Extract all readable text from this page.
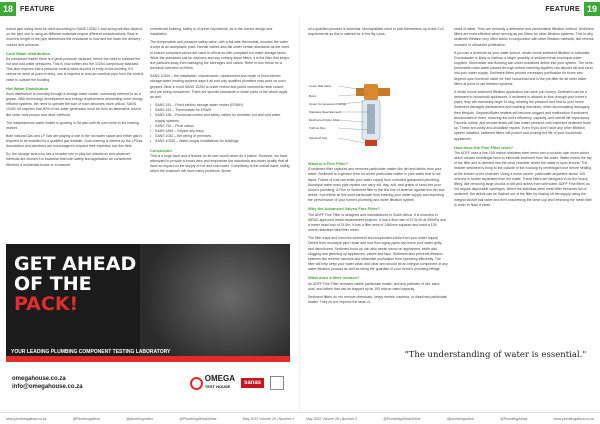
18	FEATURE	FEATURE 19

Actual pipe sizing must be done according to SANS 10252-1 and sizing will also depend on the pipe one is using as different materials require different considerations. Bear in mind the length of the pipe determines the resistance to flow and the lower the delivery volume and pressure.

Cold Water distribution

As mentioned earlier there is a great pressure variance, hence the need to balance the hot and cold water pressures. This is now written into the 10254 compulsory standard. This also requires that a pressure control valve at point of entry to the building. If it cannot be done at point of entry, one is required to lead an overflow pipe from the control valve to outside the building.

Hot Water Distribution

Such distribution is normally through a storage water heater, commonly referred to as a geyser. With technology development and energy requirements demanding more energy efficient systems, the need to operate the size of each becomes more critical. SANS 10400 XA requires that 50% of hot water generation must be from an alternative source like solar, heat pumps and other methods.

The instantaneous water heater is growing in SA also with its own niche in the heating market.

Both Natural Gas and LP Gas are playing a role in the hot water space and either gas is required to be installed by a qualified gas installer. Such training is offered by the LPGas Association and plumbers are encouraged to expand their expertise into this field.

So, the storage tank now has a broader role to play but whichever and whatever methods are chosen it is essential that both safety and application be considered. Whether a residential house or a massive

commercial building, safety is of prime importance, as is the correct design and installation.

The temperature and pressure safety valve, with a fail safe thermostat, ensures the water is kept at an acceptable point. Needle valves also fall under certain standards as the need to ensure compliant valves are used is critical as with compliant hot water storage tanks. While the standards call for strainers and say nothing about filters, it is the filter that keeps line particles away from damaging the cartridges and valves. Refer to box below for a technical overview on filters.

SANS 10254 – the installation, maintenance, replacement and repair of fixed electric storage water heating systems says it all and only qualified plumbers may work on such geysers. Bear in mind SANS 10254 is under review and public comments have closed and are being considered. There are specific standards to which parts of the whole apply as well:

• SANS 151 – Fixed electric storage water heater (ESWH)
• SANS 151 – Thermostats for ESWH
• SANS 198 – Functional control and safety valves for domestic hot and cold water supply systems
• SANS 752 – Float valves
• SANS 1849 – Geyser drip trays
• SANS 1042 – the wiring of premises
• SANS 10252 – Water supply installations for buildings
Conclusion

This is a huge topic and a feature on its own would never do it justice. However, we have attempted to provide a broad view and emphasise the standards and water quality that all have an impact on the supply of hot and cold water. Compliancy is the critical issue, failing which the customer will have many problems. Above

all a qualified plumber is essential. Municipalities need to pick themselves up to the CoC requirements as this is catered for in the By-Laws.

Lower Ball Valve
Rotor
Upper Compression Fittings
Stainless Steel Element
Reinforced Nylon Filter
Turbine Fins
Spiral-off Cap
What is a Fine Filter?

A sediment filter captures and removes particulate matter like dirt and debris from your water. Sediment is a generic term for all the particulate matter in your water that is not liquid. Flakes of rust can enter your water supply from corroded galvanized plumbing. Municipal water main pipe repairs can carry silt, clay, soil, and grains of sand into your home's plumbing. A Fine or Sediment filter is the first line of defence against this dirt and debris. It prohibits all this solid particulate from entering your water supply and impeding the performance of your home's plumbing and water filtration system.

Why the Advanced Valves Fine Filter?

The ADFF Fine Filter is designed and manufactured in South Africa. It is mounted in WRAS approved metal replacement polymer. It has a flow rate of 37.2L/hr at 450kPa and a meter head loss of 24.5m. It has a filter area of 1460mm squared and used a 105 micron stainless steel filter mesh.

The filter traps and removes sediment and suspended solids from your water supply. Debris from municipal pipe repair and rust from aging pipes can leave your water gritty and discoloured. Sediment build-up can also wreak havoc on appliances, while also clogging and jamming up appliances, valves and taps. Sediment also prevents filtration systems like reverse osmosis and ultraviolet purification from operating efficiently. The filter will help keep your water clean and clear and should be an integral component of any water filtration process as well as being the guardian of your home's plumbing fittings.

What does a filter remove?

An ADFF Fine Filter removes visible particulate matter, and any particles of dirt, sand, dust, and debris that can be trapped by its 105 micron rated capacity.

Sediment filters do not remove chemicals, heavy metals, bacteria, or dissolved particulate matter. They do not improve the taste or

smell of water. They are primarily a defensive and preservative filtration method. Sediment filters are most effective when serving as pre-filters for other filtration systems. This is why sediment filtration very often works in conjunction with other filtration methods, like reverse osmosis or ultraviolet purification.

If you use a borehole as your water source, whole house sediment filtration is advisable. Groundwater is likely to harbour a larger quantity of sediment than municipal water supplies. Stormwater and flooding can usher unwanted debris into your system. The semi-permeable rocks water passes through before reaching aquifers can deposit silt and sand into your water supply. Sediment filters provide necessary purification for those who depend upon borehole water for their household and is the pre-filter for all other water filters at point of use filtration systems.

A whole house sediment filtration application can save you money. Sediment can be a detriment to household appliances. If sediment is allowed to flow through your home's pipes, they will eventually begin to clog, slowing the pressure and flow to your home. Sediment damages dishwashers and washing machines; when accumulating damaging their lifespan. Geysers/Water heaters will become clogged and malfunction if sediment accumulates in them, reducing the unit's efficiency, capacity, and overall life expectancy. Faucets, toilets, and showerheads will lose water pressure with extended sediment build up. These are costly and avoidable repairs. Even if you don't have any other filtration system installed, sediment filters will protect and prolong the life of your household appliances.

How does the Fine Filter work?

The ADFF uses a fine 105-micron stainless steel mesh and a cyclonic spin down action which causes centrifugal force to eliminate sediment from the water. Water enters the top of the filter and is diverted into the clear chamber where the water is spun around. The heavier sediment is flung to the outside of the housing by centrifugal force before settling at the bottom of the chamber. Using a mesh screen, particulate anywhere above 105 microns is further separated from the water. These filters are designed to do the heavy lifting, like removing large chunks of dirt and debris from well water. ADFF Fine filters do not require disposable cartridges. When the stainless-steel mesh filter becomes full of sediment, the debris can be flushed out of the filter by closing off the supply using the integral shutoff ball valve and then unscrewing the clear cup and removing the mesh filter in order to flush it clean.

"The understanding of water is essential."
GET AHEAD
OF THE
PACK!
YOUR LEADING PLUMBING COMPONENT TESTING LABORATORY
omegahouse.co.za
info@omegahouse.co.za
OMEGA
TEST HOUSE
sanas
www.plumbingafrica.co.za	@PlumbingAfrica	@plumbingonline	@PlumbingAfricaOnline	May 2022 Volume 28 | Number 4	May 2022 Volume 28 | Number 4	@PlumbingAfricaOnline	@plumbingonline	@PlumbingAfrica	www.plumbingafrica.co.za
